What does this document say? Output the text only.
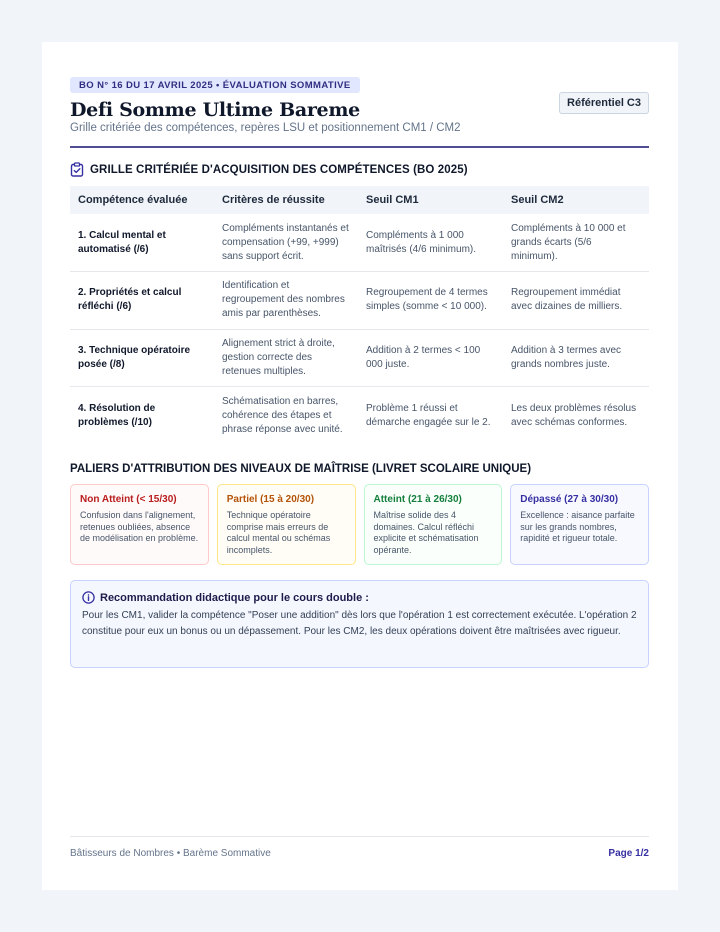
BO N° 16 DU 17 AVRIL 2025 • ÉVALUATION SOMMATIVE
Defi Somme Ultime Bareme
Grille critériée des compétences, repères LSU et positionnement CM1 / CM2
Référentiel C3
GRILLE CRITÉRIÉE D'ACQUISITION DES COMPÉTENCES (BO 2025)
Compétence évaluée	Critères de réussite	Seuil CM1	Seuil CM2
1. Calcul mental et automatisé (/6)	Compléments instantanés et compensation (+99, +999) sans support écrit.	Compléments à 1 000 maîtrisés (4/6 minimum).	Compléments à 10 000 et grands écarts (5/6 minimum).
2. Propriétés et calcul réfléchi (/6)	Identification et regroupement des nombres amis par parenthèses.	Regroupement de 4 termes simples (somme < 10 000).	Regroupement immédiat avec dizaines de milliers.
3. Technique opératoire posée (/8)	Alignement strict à droite, gestion correcte des retenues multiples.	Addition à 2 termes < 100 000 juste.	Addition à 3 termes avec grands nombres juste.
4. Résolution de problèmes (/10)	Schématisation en barres, cohérence des étapes et phrase réponse avec unité.	Problème 1 réussi et démarche engagée sur le 2.	Les deux problèmes résolus avec schémas conformes.
PALIERS D'ATTRIBUTION DES NIVEAUX DE MAÎTRISE (LIVRET SCOLAIRE UNIQUE)
Non Atteint (< 15/30)
Confusion dans l'alignement, retenues oubliées, absence de modélisation en problème.
Partiel (15 à 20/30)
Technique opératoire comprise mais erreurs de calcul mental ou schémas incomplets.
Atteint (21 à 26/30)
Maîtrise solide des 4 domaines. Calcul réfléchi explicite et schématisation opérante.
Dépassé (27 à 30/30)
Excellence : aisance parfaite sur les grands nombres, rapidité et rigueur totale.
Recommandation didactique pour le cours double :
Pour les CM1, valider la compétence "Poser une addition" dès lors que l'opération 1 est correctement exécutée. L'opération 2 constitue pour eux un bonus ou un dépassement. Pour les CM2, les deux opérations doivent être maîtrisées avec rigueur.
Bâtisseurs de Nombres • Barème Sommative	Page 1/2
